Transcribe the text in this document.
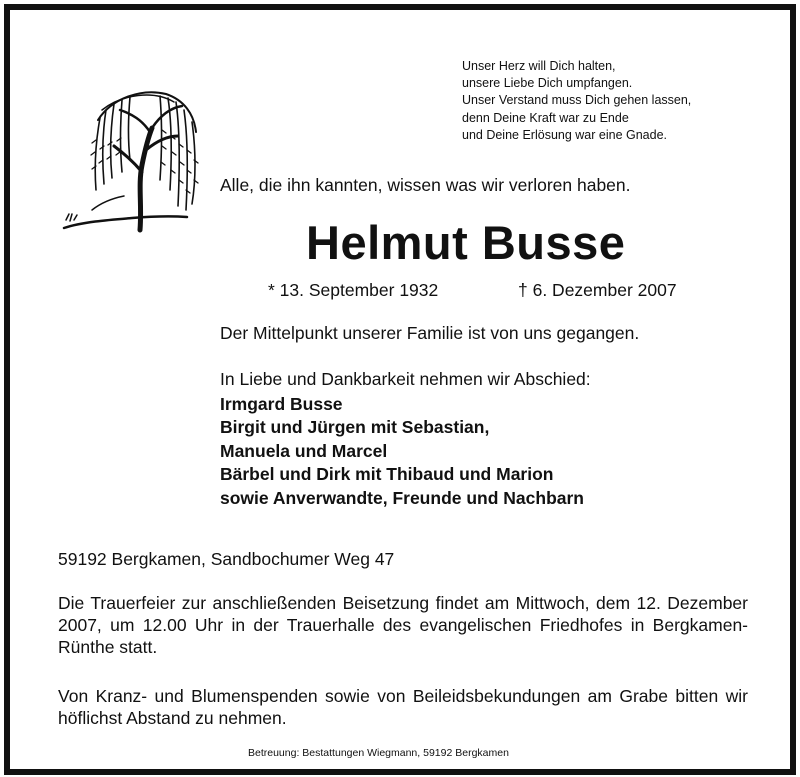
Unser Herz will Dich halten,
unsere Liebe Dich umpfangen.
Unser Verstand muss Dich gehen lassen,
denn Deine Kraft war zu Ende
und Deine Erlösung war eine Gnade.
Alle, die ihn kannten, wissen was wir verloren haben.
Helmut Busse
* 13. September 1932	† 6. Dezember 2007
Der Mittelpunkt unserer Familie ist von uns gegangen.
In Liebe und Dankbarkeit nehmen wir Abschied:
Irmgard Busse
Birgit und Jürgen mit Sebastian,
Manuela und Marcel
Bärbel und Dirk mit Thibaud und Marion
sowie Anverwandte, Freunde und Nachbarn
59192 Bergkamen, Sandbochumer Weg 47
Die Trauerfeier zur anschließenden Beisetzung findet am Mittwoch, dem 12. Dezember 2007, um 12.00 Uhr in der Trauerhalle des evangelischen Friedhofes in Bergkamen-Rünthe statt.
Von Kranz- und Blumenspenden sowie von Beileidsbekundungen am Grabe bitten wir höflichst Abstand zu nehmen.
Betreuung: Bestattungen Wiegmann, 59192 Bergkamen
